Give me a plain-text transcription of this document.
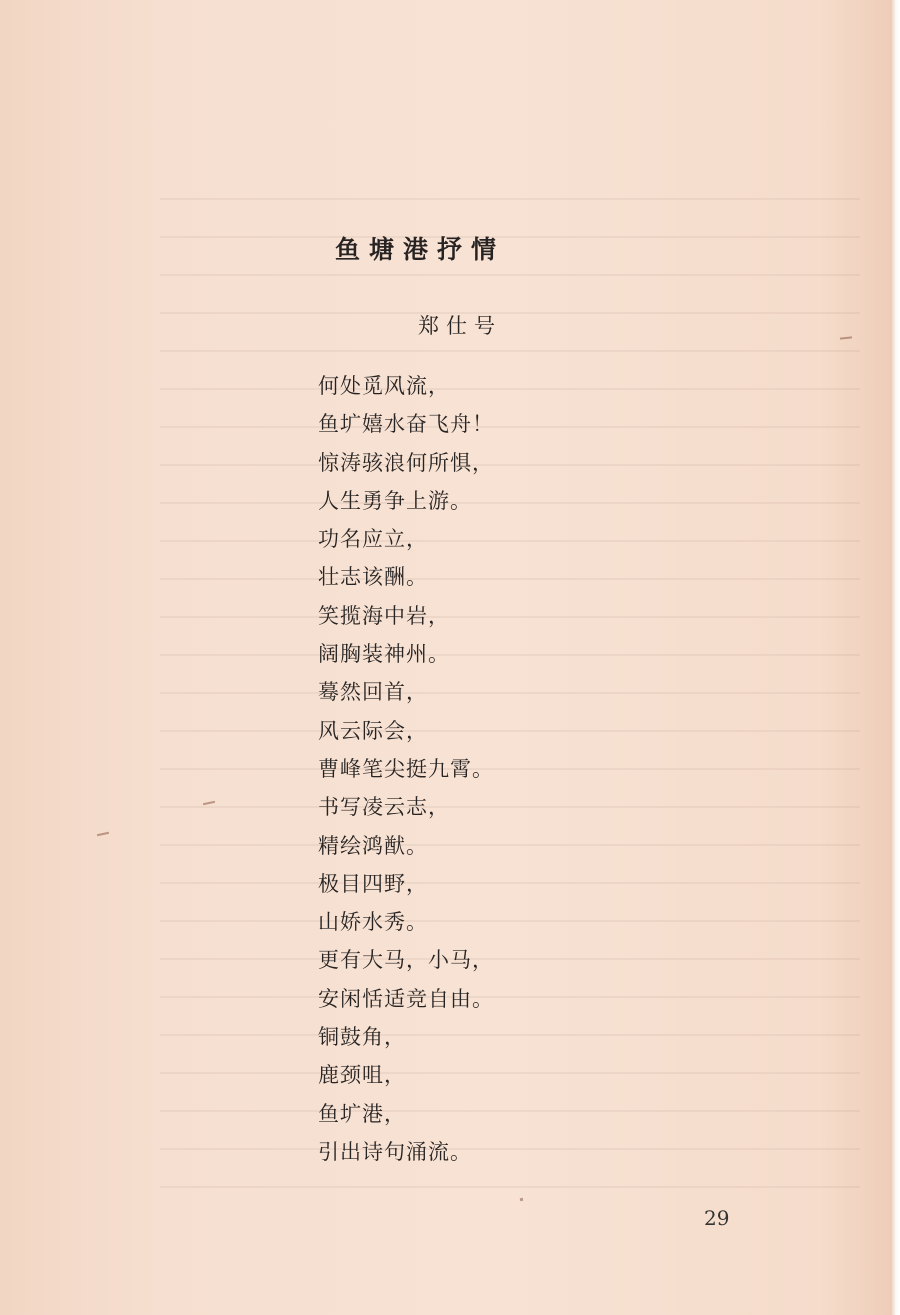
鱼塘港抒情
郑仕号
何处觅风流，
鱼圹嬉水奋飞舟！
惊涛骇浪何所惧，
人生勇争上游。
功名应立，
壮志该酬。
笑揽海中岩，
阔胸装神州。
蓦然回首，
风云际会，
曹峰笔尖挺九霄。
书写凌云志，
精绘鸿猷。
极目四野，
山娇水秀。
更有大马，小马，
安闲恬适竞自由。
铜鼓角，
鹿颈咀，
鱼圹港，
引出诗句涌流。
29
